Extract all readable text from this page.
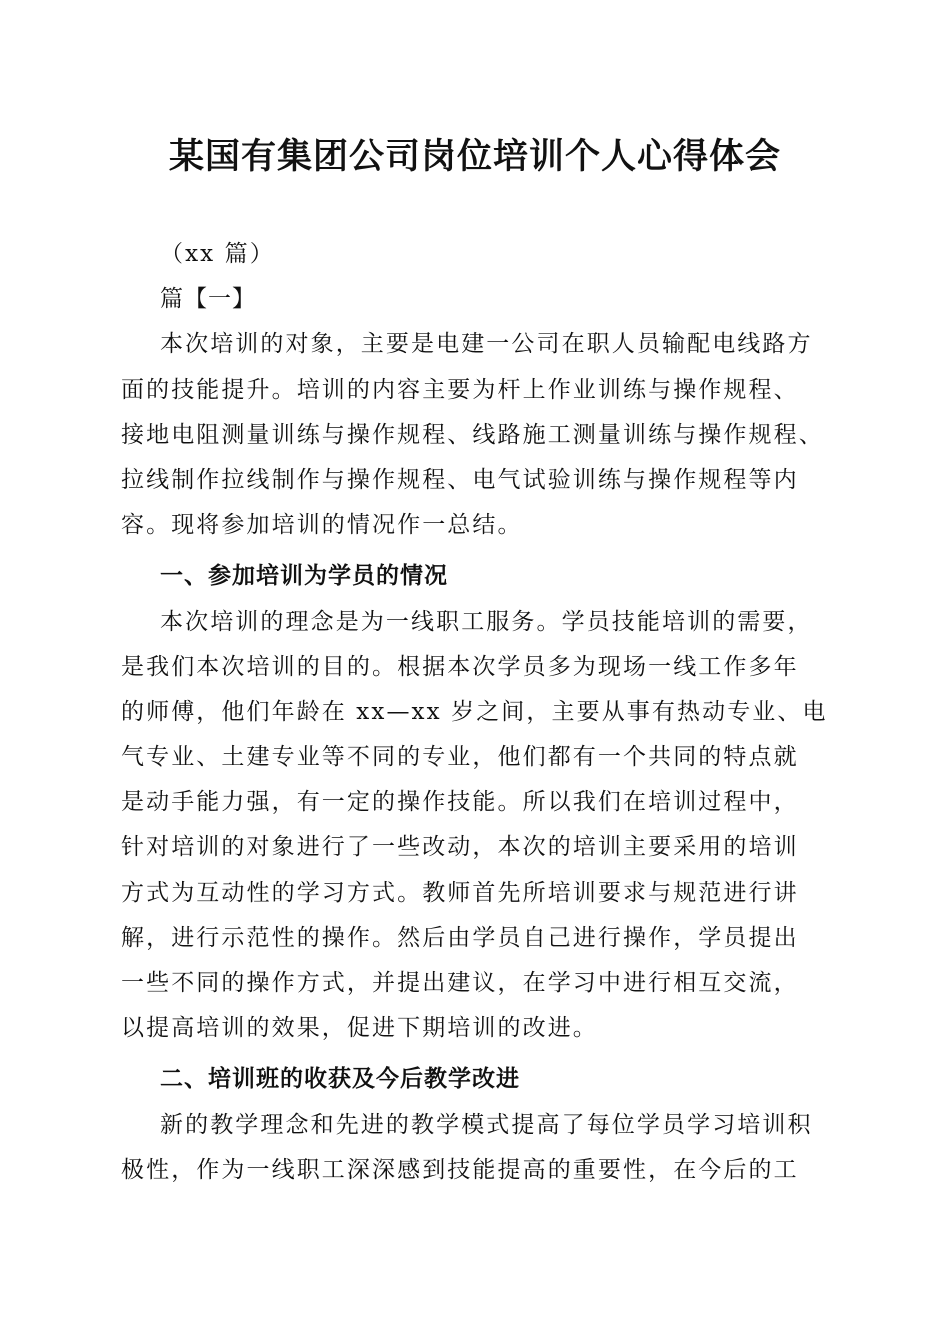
某国有集团公司岗位培训个人心得体会
（xx 篇）
篇【一】
本次培训的对象，主要是电建一公司在职人员输配电线路方
面的技能提升。培训的内容主要为杆上作业训练与操作规程、
接地电阻测量训练与操作规程、线路施工测量训练与操作规程、
拉线制作拉线制作与操作规程、电气试验训练与操作规程等内
容。现将参加培训的情况作一总结。
一、参加培训为学员的情况
本次培训的理念是为一线职工服务。学员技能培训的需要，
是我们本次培训的目的。根据本次学员多为现场一线工作多年
的师傅，他们年龄在 xx—xx 岁之间，主要从事有热动专业、电
气专业、土建专业等不同的专业，他们都有一个共同的特点就
是动手能力强，有一定的操作技能。所以我们在培训过程中，
针对培训的对象进行了一些改动，本次的培训主要采用的培训
方式为互动性的学习方式。教师首先所培训要求与规范进行讲
解，进行示范性的操作。然后由学员自己进行操作，学员提出
一些不同的操作方式，并提出建议，在学习中进行相互交流，
以提高培训的效果，促进下期培训的改进。
二、培训班的收获及今后教学改进
新的教学理念和先进的教学模式提高了每位学员学习培训积
极性，作为一线职工深深感到技能提高的重要性，在今后的工
